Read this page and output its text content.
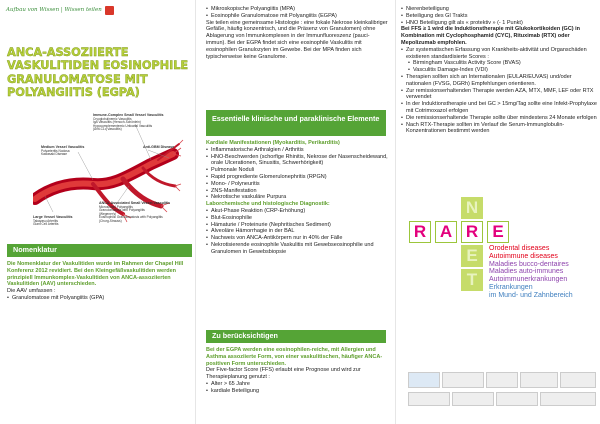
Aufbau von Wissen | Wissen teilen
ANCA-ASSOZIIERTE VASKULITIDEN EOSINOPHILE GRANULOMATOSE MIT POLYANGIITIS (EGPA)
Immune-Complex Small Vessel Vasculitis
Cryoglobulinemic Vasculitis
IgA Vasculitis (Henoch-Schönlein)
Hypocomplementemic Urticarial Vasculitis
(Anti-C1q Vasculitis)
Medium Vessel Vasculitis
Polyarteritis Nodosa
Kawasaki Disease
Anti-GBM Disease
Large Vessel Vasculitis
Takayasu Arteritis
Giant Cell Arteritis
ANCA-Associated Small Vessel Vasculitis
Microscopic Polyangiitis
Granulomatosis with Polyangiitis
(Wegener's)
Eosinophilic Granulomatosis with Polyangiitis
(Churg-Strauss)
Nomenklatur
Die Nomenklatur der Vaskulitiden wurde im Rahmen der Chapel Hill Konferenz 2012 revidiert. Bei den Kleingefäßvaskulitiden werden prinzipiell Immunkomplex-Vaskulitiden von ANCA-assoziierten Vaskulitiden (AAV) unterschieden.
Die AAV umfassen :
• Granulomatose mit Polyangiitis (GPA)
• Mikroskopische Polyangiitis (MPA)
• Eosinophile Granulomatose mit Polyangiitis (EGPA)
Sie teilen eine gemeinsame Histologie : eine fokale Nekrose kleinkalibriger Gefäße, häufig konzentrisch, und die Präsenz von Granulomen) ohne Ablagerung von Immunkomplexen in der Immunfluoreszenz (pauci-immun). Bei der EGPA findet sich eine eosinophile Vaskulitis mit eosinophilen Granulozyten im Gewebe. Bei der MPA finden sich typischerweise keine Granulome.
Essentielle klinische und paraklinische Elemente
Kardiale Manifestationen (Myokarditis, Perikarditis)
• Inflammatorische Arthralgien / Arthritis
• HNO-Beschwerden (schorfige Rhinitis, Nekrose der Nasenscheidewand, orale Ulcerationen, Sinusitis, Schwerhörigkeit)
• Pulmonale Noduli
• Rapid progrediente Glomerulonephritis (RPGN)
• Mono- / Polyneuritis
• ZNS-Manifestation
• Nekrotische vaskuläre Purpura
Laborchemische und histologische Diagnostik:
• Akut-Phase Reaktion (CRP-Erhöhung)
• Blut-Eosinophilie
• Hämaturie / Proteinurie (Nephritisches Sediment)
• Alveoläre Hämorrhagie in der BAL
• Nachweis von ANCA-Antikörpern nur in 40% der Fälle
• Nekrotisierende eosinophile Vaskulitis mit Gewebseosinophilie und Granulomen in Gewebsbiopsie
Zu berücksichtigen
Bei der EGPA werden eine eosinophilen-reiche, mit Allergien und Asthma assoziierte Form, von einer vaskulitischen, häufiger ANCA-positiven Form unterschieden.
Der Five-factor Score (FFS) erlaubt eine Prognose und wird zur Therapieplanung genutzt :
• Alter > 65 Jahre
• kardiale Beteiligung
• Nierenbeteiligung
• Beteiligung des GI Trakts
• HNO Beteiligung gilt als « protektiv » (- 1 Punkt)
Bei FFS ≥ 1 wird die Induktionstherapie mit Glukokortikoiden (GC) in Kombination mit Cyclophosphamid (CYC), Rituximab (RTX) oder Mepolizumab empfohlen.
• Zur systematischen Erfassung von Krankheits-aktivität und Organschäden existieren standardisierte Scores :
• Birmingham Vasculitis Activity Score (BVAS)
• Vasculitis Damage-Index (VDI)
• Therapien sollten sich an Internationalen (EULAR/EUVAS) und/oder nationalen (FVSG, DGRh) Empfehlungen orientieren.
• Zur remissionserhaltenden Therapie werden AZA, MTX, MMF, LEF oder RTX verwendet
• In der Induktionstherapie und bei GC > 15mg/Tag sollte eine Infekt-Prophylaxe mit Cotrimoxazol erfolgen
• Die remissionserhaltende Therapie sollte über mindestens 24 Monate erfolgen
• Nach RTX-Therapie sollten im Verlauf die Serum-Immunglobulin-Konzentrationen bestimmt werden
N
R A R E
E
T
Orodental diseases
Autoimmune diseases
Maladies bucco-dentaires
Maladies auto-immunes
Autoimmunerkrankungen
Erkrankungen
im Mund- und Zahnbereich
